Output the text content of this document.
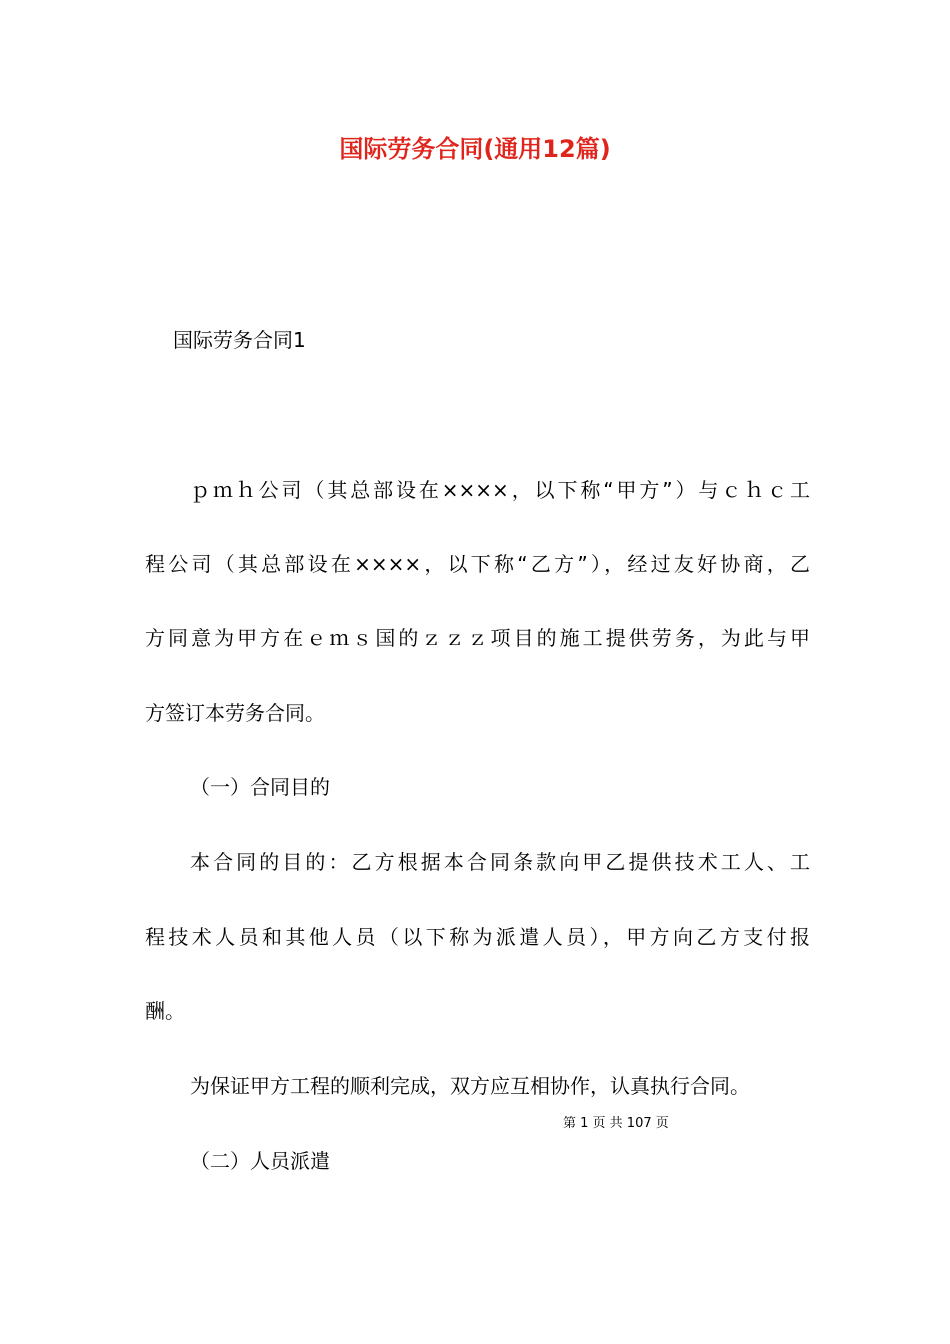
国际劳务合同(通用12篇)

国际劳务合同1

ｐｍｈ公司（其总部设在××××，以下称“甲方”）与ｃｈｃ工

程公司（其总部设在××××，以下称“乙方”），经过友好协商，乙

方同意为甲方在ｅｍｓ国的ｚｚｚ项目的施工提供劳务，为此与甲

方签订本劳务合同。

（一）合同目的

本合同的目的：乙方根据本合同条款向甲乙提供技术工人、工

程技术人员和其他人员（以下称为派遣人员），甲方向乙方支付报

酬。

为保证甲方工程的顺利完成，双方应互相协作，认真执行合同。

第 1 页 共 107 页

（二）人员派遣
